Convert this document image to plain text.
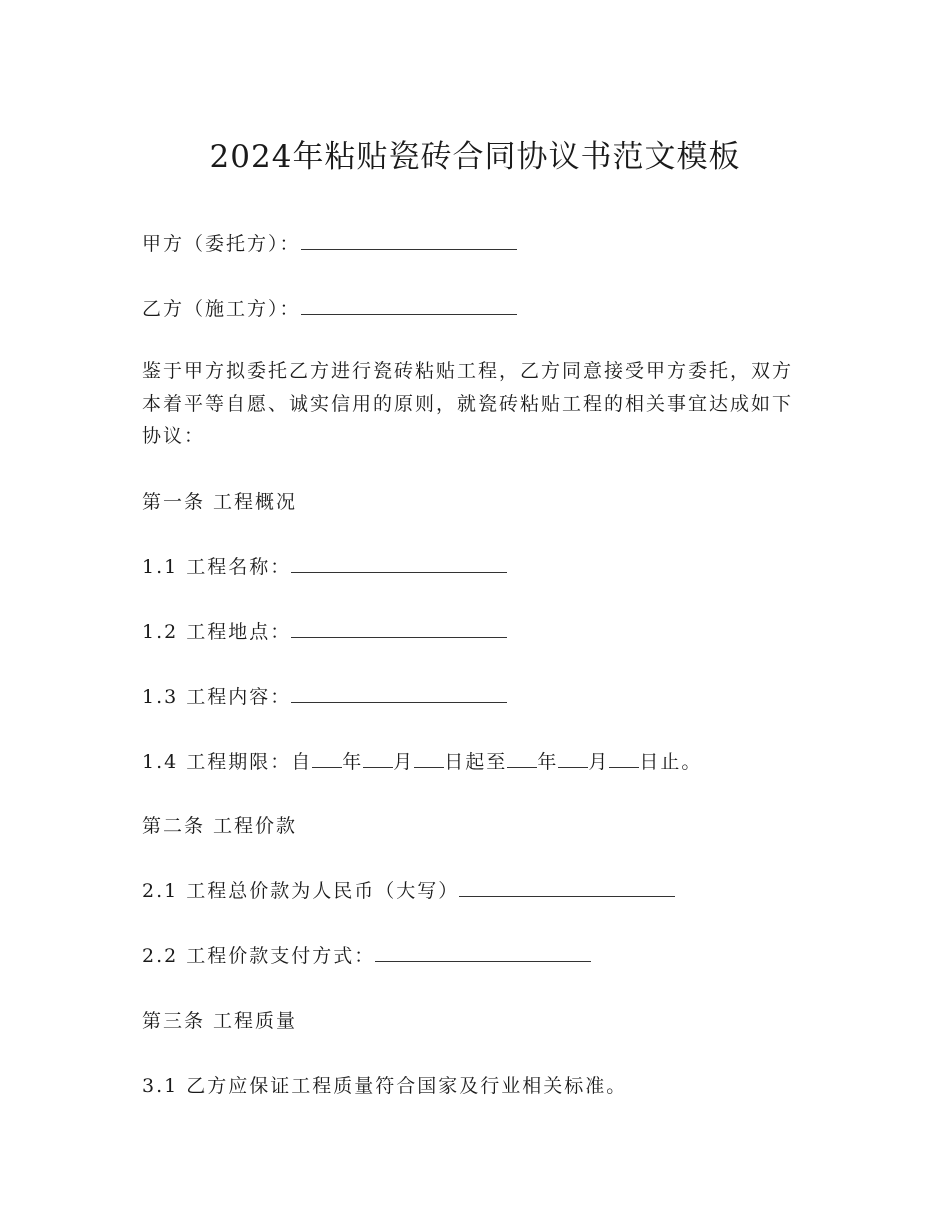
2024年粘贴瓷砖合同协议书范文模板
甲方（委托方）：
乙方（施工方）：
鉴于甲方拟委托乙方进行瓷砖粘贴工程，乙方同意接受甲方委托，双方本着平等自愿、诚实信用的原则，就瓷砖粘贴工程的相关事宜达成如下协议：
第一条 工程概况
1.1 工程名称：
1.2 工程地点：
1.3 工程内容：
1.4 工程期限：自 年 月 日起至 年 月 日止。
第二条 工程价款
2.1 工程总价款为人民币（大写）
2.2 工程价款支付方式：
第三条 工程质量
3.1 乙方应保证工程质量符合国家及行业相关标准。
